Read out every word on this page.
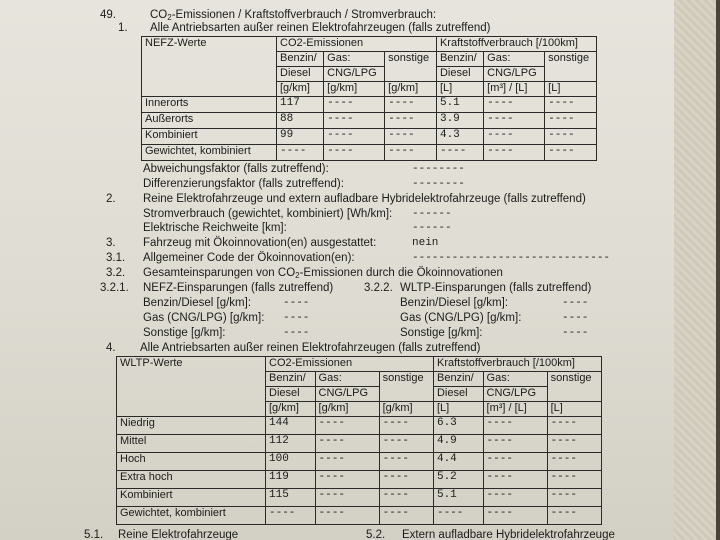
49.	$CO_2$-Emissionen / Kraftstoffverbrauch / Stromverbrauch:
1. Alle Antriebsarten außer reinen Elektrofahrzeugen (falls zutreffend)
NEFZ-Werte	CO2-Emissionen			Kraftstoffverbrauch [/100km]		
	Benzin/	Gas:	sonstige	Benzin/	Gas:	sonstige
	Diesel	CNG/LPG		Diesel	CNG/LPG	
	[g/km]	[g/km]	[g/km]	[L]	[m³] / [L]	[L]
Innerorts	117	----	----	5.1	----	----
Außerorts	88	----	----	3.9	----	----
Kombiniert	99	----	----	4.3	----	----
Gewichtet, kombiniert	----	----	----	----	----	----
Abweichungsfaktor (falls zutreffend):	--------
Differenzierungsfaktor (falls zutreffend):	--------
2. Reine Elektrofahrzeuge und extern aufladbare Hybridelektrofahrzeuge (falls zutreffend)
Stromverbrauch (gewichtet, kombiniert) [Wh/km]: ------
Elektrische Reichweite [km]:	------
3. Fahrzeug mit Ökoinnovation(en) ausgestattet:	nein
3.1. Allgemeiner Code der Ökoinnovation(en):	------------------------------
3.2. Gesamteinsparungen von $CO_2$-Emissionen durch die Ökoinnovationen
3.2.1. NEFZ-Einsparungen (falls zutreffend)	3.2.2. WLTP-Einsparungen (falls zutreffend)
Benzin/Diesel [g/km]:	----
Gas (CNG/LPG) [g/km]: ----
Sonstige [g/km]:	----
Benzin/Diesel [g/km]:	----
Gas (CNG/LPG) [g/km]:	----
Sonstige [g/km]:	----
4. Alle Antriebsarten außer reinen Elektrofahrzeugen (falls zutreffend)
WLTP-Werte	CO2-Emissionen			Kraftstoffverbrauch [/100km]		
	Benzin/	Gas:	sonstige	Benzin/	Gas:	sonstige
	Diesel	CNG/LPG		Diesel	CNG/LPG	
	[g/km]	[g/km]	[g/km]	[L]	[m³] / [L]	[L]
Niedrig	144	----	----	6.3	----	----
Mittel	112	----	----	4.9	----	----
Hoch	100	----	----	4.4	----	----
Extra hoch	119	----	----	5.2	----	----
Kombiniert	115	----	----	5.1	----	----
Gewichtet, kombiniert	----	----	----	----	----	----
5.1. Reine Elektrofahrzeuge	5.2. Extern aufladbare Hybridelektrofahrzeuge
